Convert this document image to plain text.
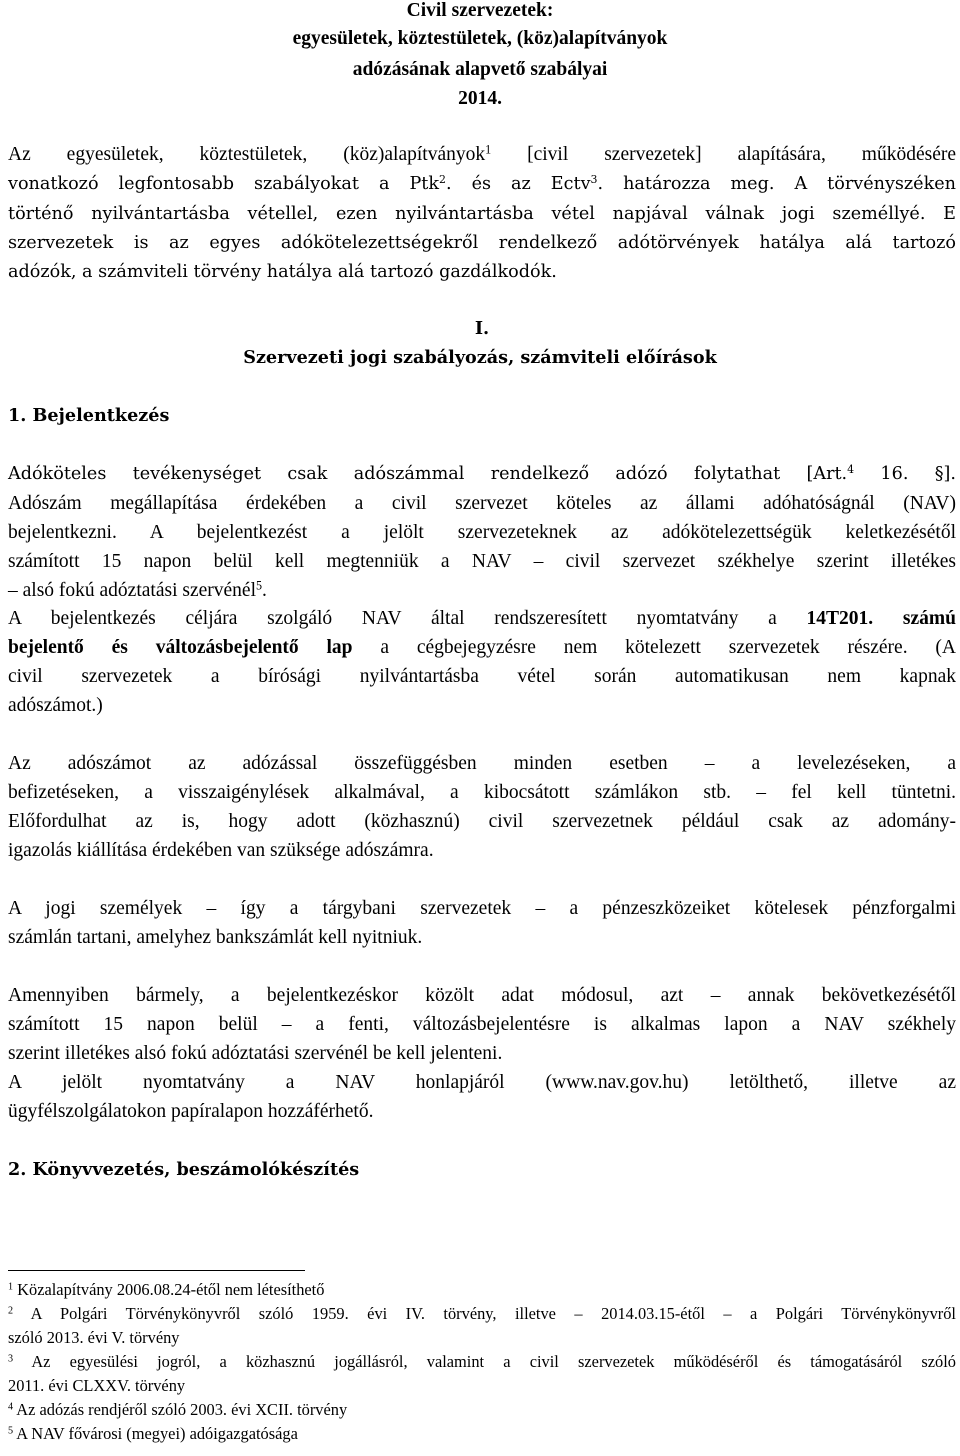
Civil szervezetek:
egyesületek, köztestületek, (köz)alapítványok
adózásának alapvető szabályai
2014.
Az egyesületek, köztestületek, (köz)alapítványok$^1$ [civil szervezetek] alapítására, működésére
vonatkozó legfontosabb szabályokat a Ptk$^2$. és az Ectv$^3$. határozza meg. A törvényszéken
történő nyilvántartásba vétellel, ezen nyilvántartásba vétel napjával válnak jogi személlyé. E
szervezetek is az egyes adókötelezettségekről rendelkező adótörvények hatálya alá tartozó
adózók, a számviteli törvény hatálya alá tartozó gazdálkodók.
I.
Szervezeti jogi szabályozás, számviteli előírások
1. Bejelentkezés
Adóköteles tevékenységet csak adószámmal rendelkező adózó folytathat [Art.$^4$ 16. §].
Adószám megállapítása érdekében a civil szervezet köteles az állami adóhatóságnál (NAV)
bejelentkezni. A bejelentkezést a jelölt szervezeteknek az adókötelezettségük keletkezésétől
számított 15 napon belül kell megtenniük a NAV – civil szervezet székhelye szerint illetékes
– alsó fokú adóztatási szervénél$^5$.
A bejelentkezés céljára szolgáló NAV által rendszeresített nyomtatvány a 14T201. számú
bejelentő és változásbejelentő lap a cégbejegyzésre nem kötelezett szervezetek részére. (A
civil szervezetek a bírósági nyilvántartásba vétel során automatikusan nem kapnak
adószámot.)
Az adószámot az adózással összefüggésben minden esetben – a levelezéseken, a
befizetéseken, a visszaigénylések alkalmával, a kibocsátott számlákon stb. – fel kell tüntetni.
Előfordulhat az is, hogy adott (közhasznú) civil szervezetnek például csak az adomány-
igazolás kiállítása érdekében van szüksége adószámra.
A jogi személyek – így a tárgybani szervezetek – a pénzeszközeiket kötelesek pénzforgalmi
számlán tartani, amelyhez bankszámlát kell nyitniuk.
Amennyiben bármely, a bejelentkezéskor közölt adat módosul, azt – annak bekövetkezésétől
számított 15 napon belül – a fenti, változásbejelentésre is alkalmas lapon a NAV székhely
szerint illetékes alsó fokú adóztatási szervénél be kell jelenteni.
A jelölt nyomtatvány a NAV honlapjáról (www.nav.gov.hu) letölthető, illetve az
ügyfélszolgálatokon papíralapon hozzáférhető.
2. Könyvvezetés, beszámolókészítés
$^1$ Közalapítvány 2006.08.24-étől nem létesíthető
$^2$ A Polgári Törvénykönyvről szóló 1959. évi IV. törvény, illetve – 2014.03.15-étől – a Polgári Törvénykönyvről
szóló 2013. évi V. törvény
$^3$ Az egyesülési jogról, a közhasznú jogállásról, valamint a civil szervezetek működéséről és támogatásáról szóló
2011. évi CLXXV. törvény
$^4$ Az adózás rendjéről szóló 2003. évi XCII. törvény
$^5$ A NAV fővárosi (megyei) adóigazgatósága
